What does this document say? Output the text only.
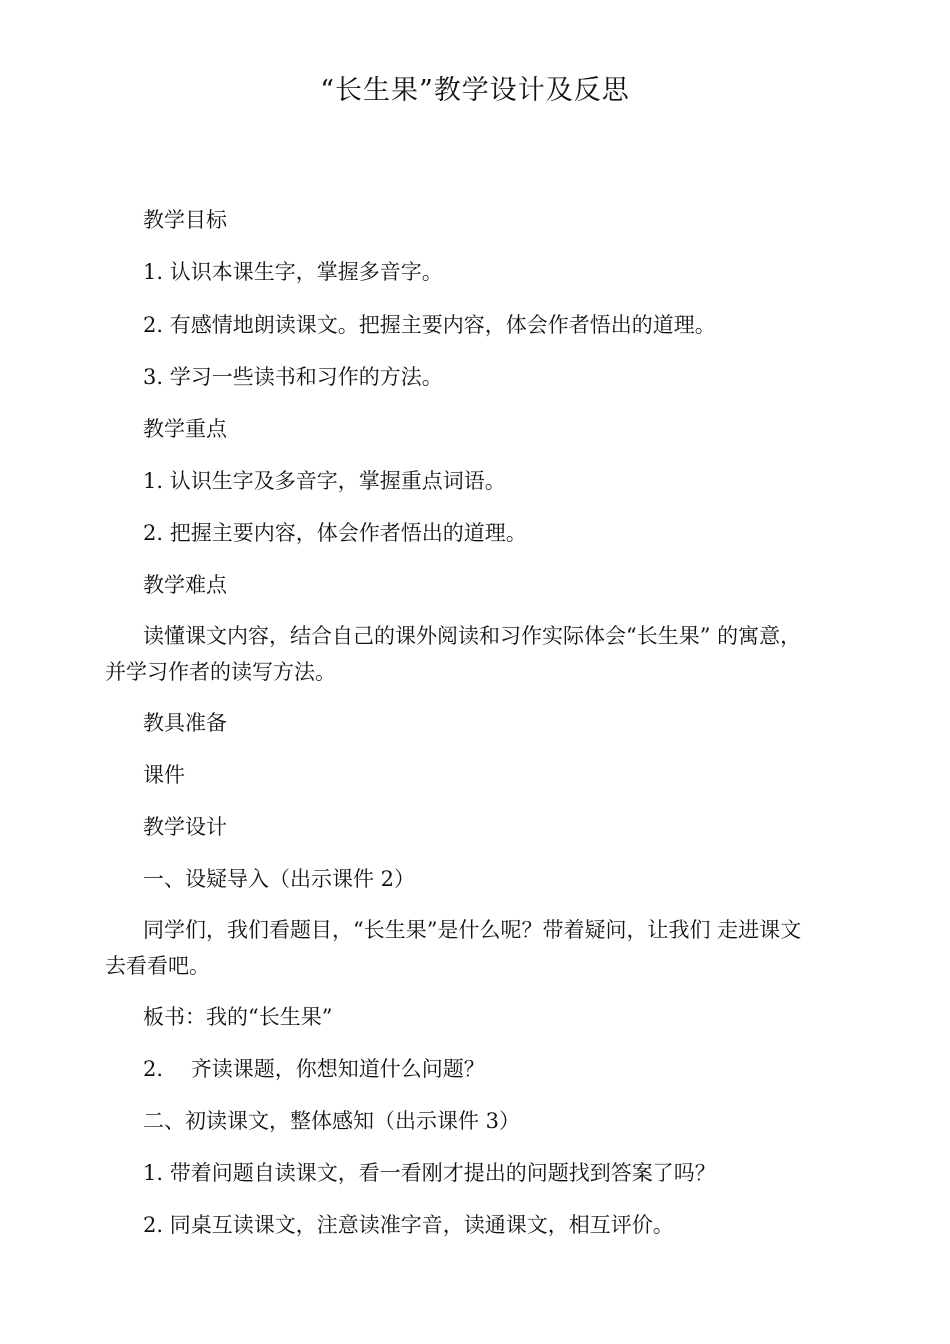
“长生果”教学设计及反思
教学目标
1. 认识本课生字，掌握多音字。
2. 有感情地朗读课文。把握主要内容，体会作者悟出的道理。
3. 学习一些读书和习作的方法。
教学重点
1. 认识生字及多音字，掌握重点词语。
2. 把握主要内容，体会作者悟出的道理。
教学难点
读懂课文内容，结合自己的课外阅读和习作实际体会“长生果” 的寓意，
并学习作者的读写方法。
教具准备
课件
教学设计
一、设疑导入（出示课件 2）
同学们，我们看题目，“长生果”是什么呢？带着疑问，让我们 走进课文
去看看吧。
板书：我的“长生果”
2.　 齐读课题，你想知道什么问题？
二、初读课文，整体感知（出示课件 3）
1. 带着问题自读课文，看一看刚才提出的问题找到答案了吗？
2. 同桌互读课文，注意读准字音，读通课文，相互评价。
